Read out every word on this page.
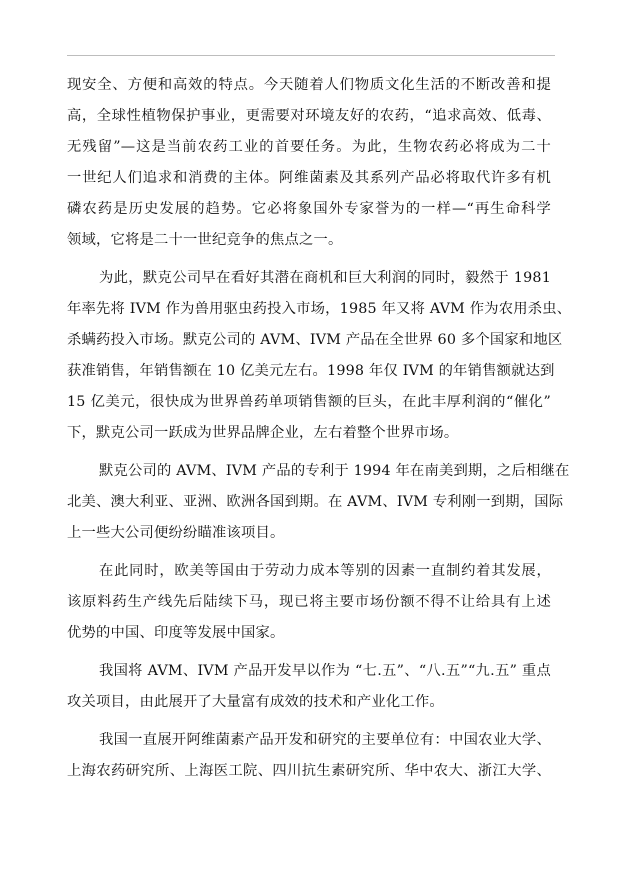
现安全、方便和高效的特点。今天随着人们物质文化生活的不断改善和提
高，全球性植物保护事业，更需要对环境友好的农药，“追求高效、低毒、
无残留”—这是当前农药工业的首要任务。为此，生物农药必将成为二十
一世纪人们追求和消费的主体。阿维菌素及其系列产品必将取代许多有机
磷农药是历史发展的趋势。它必将象国外专家誉为的一样—“再生命科学
领域，它将是二十一世纪竞争的焦点之一。
为此，默克公司早在看好其潜在商机和巨大利润的同时，毅然于 1981
年率先将 IVM 作为兽用驱虫药投入市场，1985 年又将 AVM 作为农用杀虫、
杀螨药投入市场。默克公司的 AVM、IVM 产品在全世界 60 多个国家和地区
获准销售，年销售额在 10 亿美元左右。1998 年仅 IVM 的年销售额就达到
15 亿美元，很快成为世界兽药单项销售额的巨头，在此丰厚利润的“催化”
下，默克公司一跃成为世界品牌企业，左右着整个世界市场。
默克公司的 AVM、IVM 产品的专利于 1994 年在南美到期，之后相继在
北美、澳大利亚、亚洲、欧洲各国到期。在 AVM、IVM 专利刚一到期，国际
上一些大公司便纷纷瞄准该项目。
在此同时，欧美等国由于劳动力成本等别的因素一直制约着其发展，
该原料药生产线先后陆续下马，现已将主要市场份额不得不让给具有上述
优势的中国、印度等发展中国家。
我国将 AVM、IVM 产品开发早以作为 “七.五”、“八.五”“九.五” 重点
攻关项目，由此展开了大量富有成效的技术和产业化工作。
我国一直展开阿维菌素产品开发和研究的主要单位有：中国农业大学、
上海农药研究所、上海医工院、四川抗生素研究所、华中农大、浙江大学、
